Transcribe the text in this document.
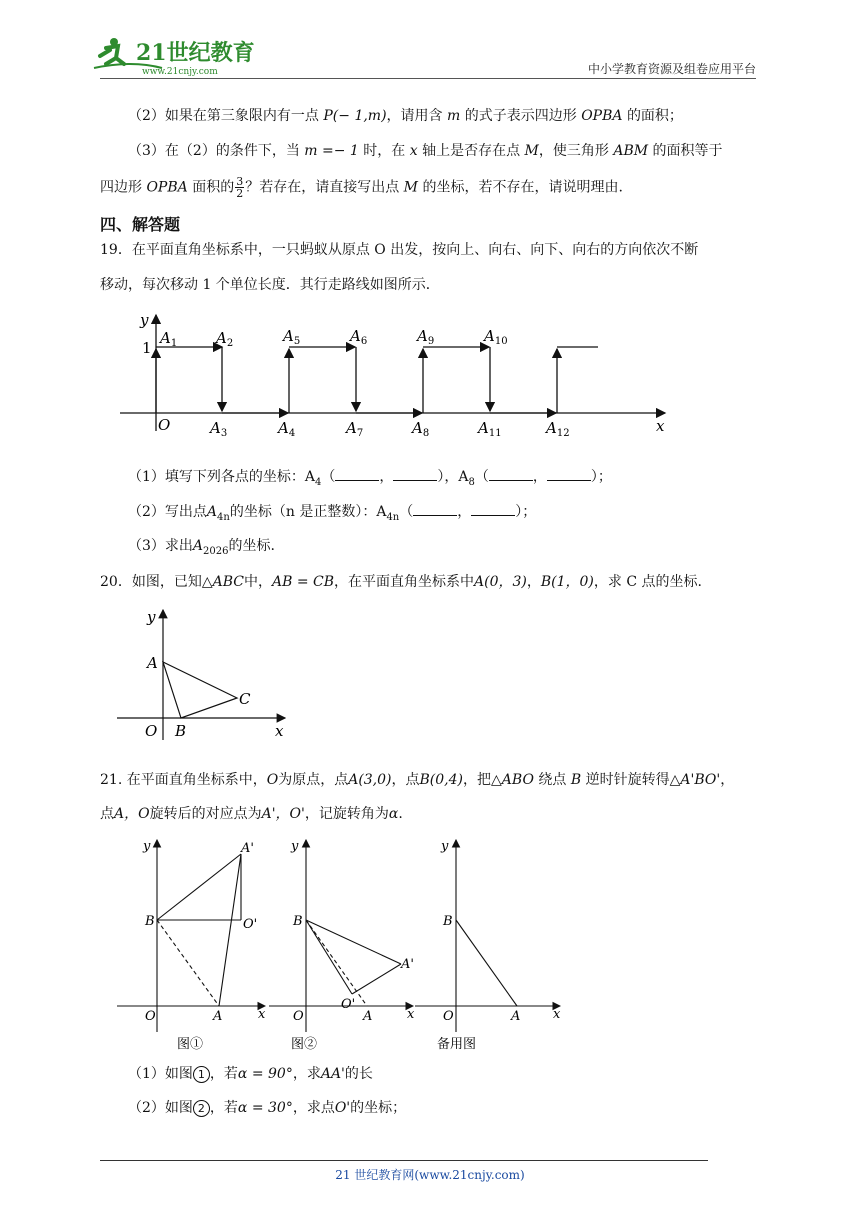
21世纪教育
www.21cnjy.com	中小学教育资源及组卷应用平台
（2）如果在第三象限内有一点 P(− 1,m)，请用含 m 的式子表示四边形 OPBA 的面积；
（3）在（2）的条件下，当 m =− 1 时，在 x 轴上是否存在点 M，使三角形 ABM 的面积等于
四边形 OPBA 面积的 $\frac{3}{2}$ ？若存在，请直接写出点 M 的坐标，若不存在，请说明理由.
四、解答题
19．在平面直角坐标系中，一只蚂蚁从原点 O 出发，按向上、向右、向下、向右的方向依次不断
移动，每次移动 1 个单位长度．其行走路线如图所示．
y
x
O
1
$A_1$	$A_2$	$A_5$	$A_6$	$A_9$	$A_{10}$
$A_3$	$A_4$	$A_7$	$A_8$	$A_{11}$	$A_{12}$
（1）填写下列各点的坐标：$A_4$（	，	），$A_8$（	，	）；
（2）写出点$A_{4n}$的坐标（n 是正整数）：$A_{4n}$（	，	）；
（3）求出$A_{2026}$的坐标.
20．如图，已知△ABC中，AB = CB，在平面直角坐标系中A(0，3)，B(1，0)，求 C 点的坐标.
y
x
O B
A
C
21. 在平面直角坐标系中，O为原点，点A(3,0)，点B(0,4)，把△ABO 绕点 B 逆时针旋转得△A'BO'，
点A，O旋转后的对应点为A'，O'，记旋转角为α.
y
x
O	A
B
A'
O'
图①
y
x
O	A
B
A'
O'
图②
y
x
O	A
B
备用图
（1）如图 1 ，若α = 90°，求AA'的长
（2）如图 2 ，若α = 30°，求点O'的坐标；
21 世纪教育网(www.21cnjy.com)
